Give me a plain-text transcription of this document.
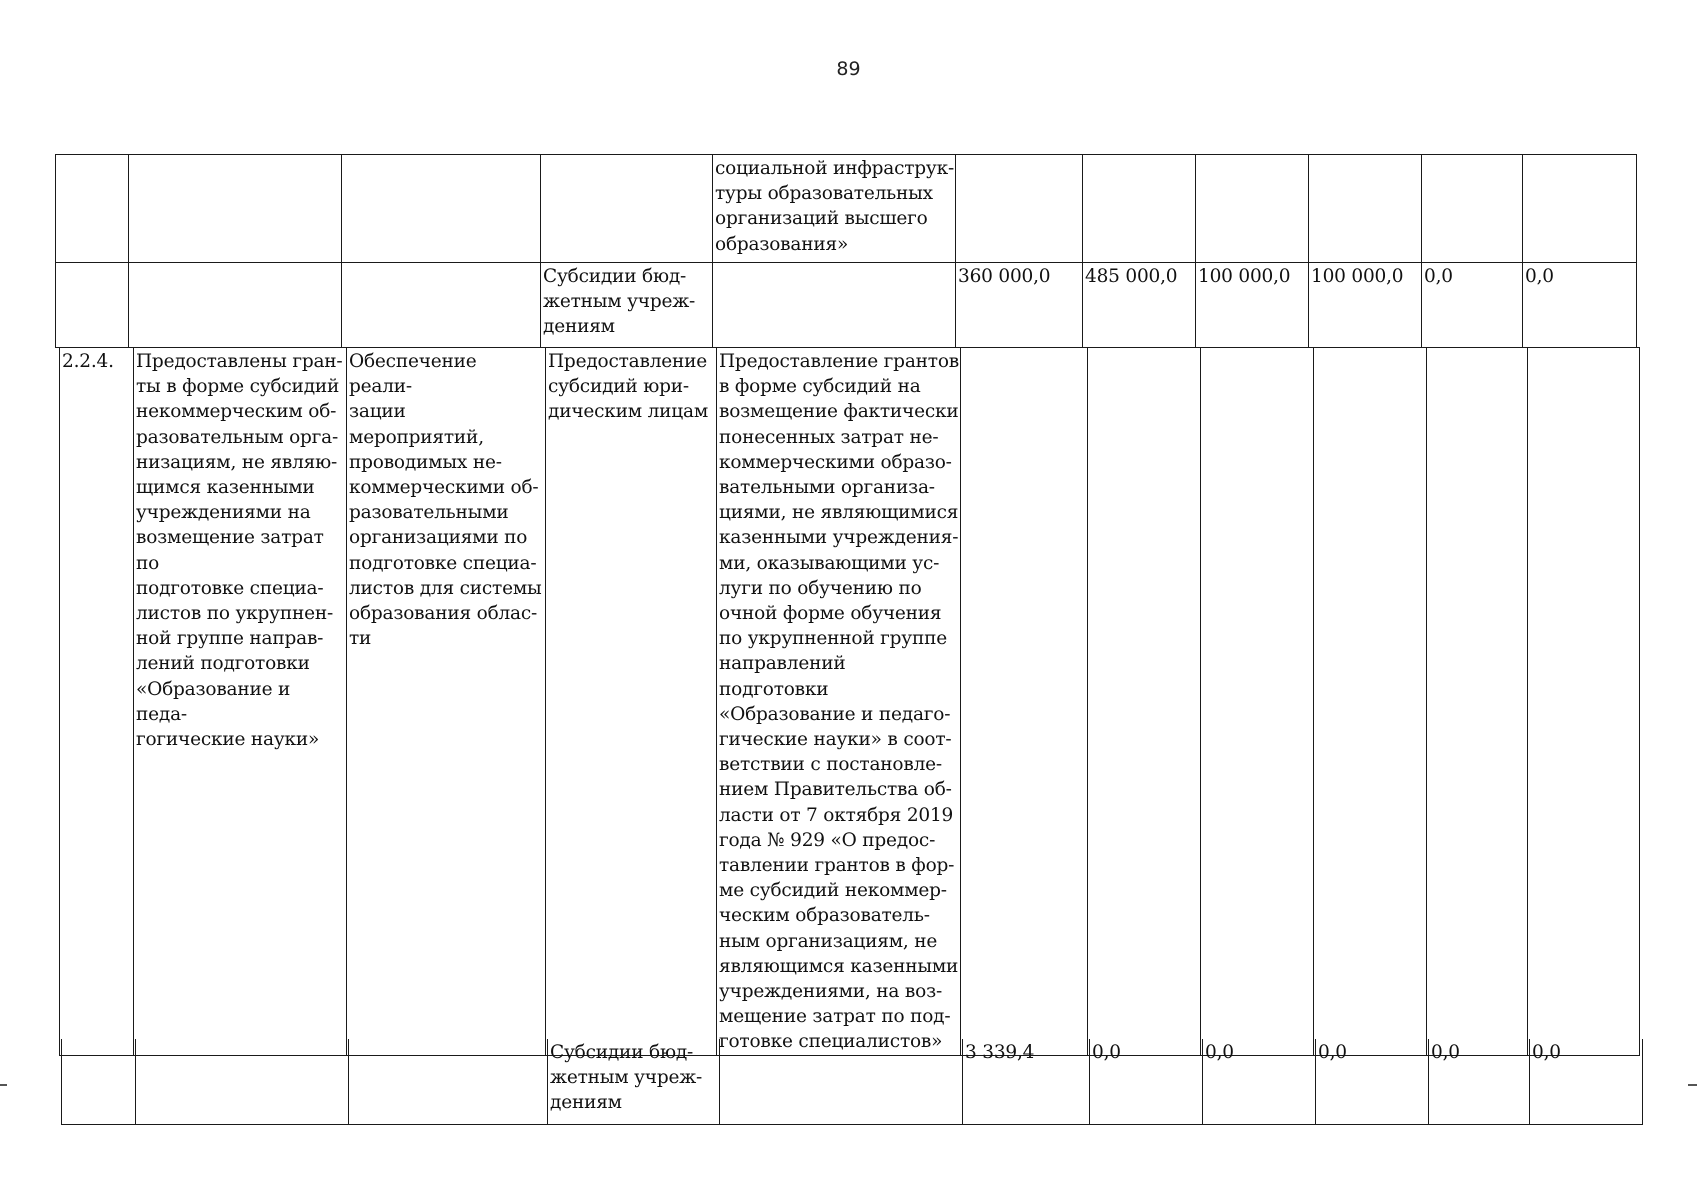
89
				социальной инфраструк-
туры образовательных
организаций высшего
образования»						
			Субсидии бюд-
жетным учреж-
дениям		360 000,0	485 000,0	100 000,0	100 000,0	0,0	0,0
2.2.4.	Предоставлены гран-
ты в форме субсидий
некоммерческим об-
разовательным орга-
низациям, не являю-
щимся казенными
учреждениями на
возмещение затрат по
подготовке специа-
листов по укрупнен-
ной группе направ-
лений подготовки
«Образование и педа-
гогические науки»	Обеспечение реали-
зации мероприятий,
проводимых не-
коммерческими об-
разовательными
организациями по
подготовке специа-
листов для системы
образования облас-
ти	Предоставление
субсидий юри-
дическим лицам	Предоставление грантов
в форме субсидий на
возмещение фактически
понесенных затрат не-
коммерческими образо-
вательными организа-
циями, не являющимися
казенными учреждения-
ми, оказывающими ус-
луги по обучению по
очной форме обучения
по укрупненной группе
направлений подготовки
«Образование и педаго-
гические науки» в соот-
ветствии с постановле-
нием Правительства об-
ласти от 7 октября 2019
года № 929 «О предос-
тавлении грантов в фор-
ме субсидий некоммер-
ческим образователь-
ным организациям, не
являющимся казенными
учреждениями, на воз-
мещение затрат по под-
готовке специалистов»						
			Субсидии бюд-
жетным учреж-
дениям		3 339,4	0,0	0,0	0,0	0,0	0,0
